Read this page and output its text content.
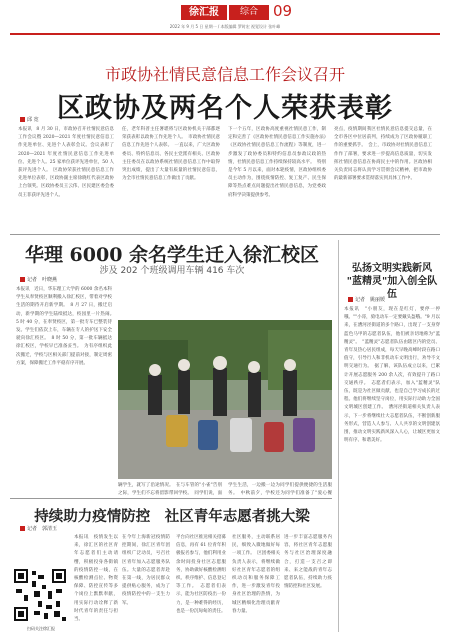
徐汇报	综合	09
2022 年 9 月 5 日 星期一 / 本版编辑 罗时宏 视觉设计 张叶峰
市政协社情民意信息工作会议召开
区政协及两名个人荣获表彰
邱 宽
本报讯　8 月 30 日，市政协召开社情民意信息工作会议暨 2020—2021 年度社情民意信息工作先进单位、先进个人表彰会议。会议表彰了 2020—2021 年度社情民意信息工作先进单位、先进个人。25 家单位获评先进单位，50 人获评先进个人。　区政协荣获社情民意信息工作先进单位表彰，区政协副主席徐晓红代表区政协上台领奖。区政协委员王云伟、区民建区委会委员王菲获评先进个人。
任，老年科普主任署堪将与区政协机关干部都逐荣获表彰以政协工作先进个人。　市政协社情民意信息工作先进个人表彰。　一直以来，广大区政协委员、特约信息员、各民主党派有相关、区政协主任委员在以政协系统社情民意信息工作中取得突出成绩，提出了大量有质量的社情民意信息，为全市社情民意信息工作做出了贡献。
下一个五年，区政协高度重视社情民意工作，制定和完善了《区政协社情民意信息工作实施办法》《区政协社情民意信息工作流程》等制度，进一步激发了政协委员和特约信息员参政议政的热情，社情民意信息工作持续保持较高水平。　特别是今年 5 月以来，面对本轮疫情，区政协组织委员主动作为，围绕疫情防控、复工复产、民生保障等热点难点问题提出社情民意信息，为党委政府科学决策提供参考。
亮点，疫情期间我区社情民意信息提交总量，在全市各区中位居前列，持续成为了区政协履职工作的重要抓手。　会上，市政协对社情民意信息工作作了部署，要求进一步提高信息质量，切实发挥社情民意信息在协商民主中的作用。区政协相关负责同志将认真学习贯彻会议精神，把市政协的最新部署要求贯彻落实到具体工作中。
华理 6000 余名学生迁入徐汇校区
涉及 202 个班级调用车辆 416 车次
记者　叶晓燕
本报讯　近日，华东理工大学的 6000 余名本科学生从奉贤校区顺利搬入徐汇校区，带着对学校生活的期待开启新学期。　8 月 27 日，搬迁启动，新学期的学生陆续抵达，校园里一片热闹。　5 时 40 分，在奉贤校区，第一批专车已整装待发。学生们依次上车，车辆在专人的护送下安全驶向徐汇校区。　8 时 50 分，第一批车辆抵达徐汇校区，学校早已准备妥当。　为有序组织此次搬迁，学校与区相关部门提前对接，制定周密方案，保障搬迁工作平稳有序开展。
辆学生，就写了沿途情况。　在与车管的"小雀"告别之际，学生们不忘将留影带回学校。　同学们说，面　
学生生活，一边搬一边为同学们提供便捷的生活服务。　中秋前夕，学校还为同学们准备了"爱心餐
持续助力疫情防控　社区青年志愿者挑大梁
记者　郭清玉
本报讯　疫情发生以来，徐汇区的社区青年志愿者们主动请缨，积极投身各街镇的疫情防控一线，在核酸检测点位、物资保障、防控宣传等多个岗位上默默奉献，用实际行动诠释了新时代青年的责任与担当。
在今年上海新冠疫情防控期间，徐汇区青年团组织广泛动员，号召社区青年加入志愿服务队伍。大量的志愿者奔赴在第一线，为居民群众提供贴心服务，成为了疫情防控中的一支生力军。
平台向社区推送相关招募信息，再有 61 位青年积极报名参与，他们利用业余时间投身社区志愿服务，协助做好核酸检测组织、秩序维护、信息登记等工作。　志愿者们表示，能为社区防疫出一份力，是一种难得的经历，也是一份沉甸甸的责任。
社区服务，主动联系居民，细致入微地做好每一项工作。　区团委相关负责人表示，将继续做好社区青年志愿者的组织动员和服务保障工作，进一步激发青年投身社区治理的热情，为城区精细化治理贡献青春力量。
进一步丰富志愿服务内容，将社区青年志愿服务与社区治理深度融合，打造一支召之即来、来之能战的青年志愿者队伍，持续助力疫情防控和社区发展。
扫码关注徐汇报
弘扬文明实践新风
"蓝精灵"加入创全队伍
记者　姚丽媛
本报讯　"小朋友，现在是红灯，要停一停哦。""小哥，骑电动车一定要戴头盔哦。"9 月以来，在漕河泾街道的多个路口，出现了一支身穿蓝色马甲的志愿者队伍，他们被亲切地称为"蓝精灵"。　"蓝精灵"志愿者队伍由辖区内的党员、青年及热心居民组成，每天早晚高峰时段在路口值守，引导行人和非机动车文明出行，劝导不文明交通行为。　据了解，该队伍成立以来，已累计开展志愿服务 200 余人次，有效提升了路口交通秩序。　志愿者们表示，加入"蓝精灵"队伍，既是为社区做贡献，也是自己学习成长的过程。他们将继续坚守岗位，用实际行动助力全国文明城区创建工作。　漕河泾街道相关负责人表示，下一步将继续壮大志愿者队伍，不断创新服务形式，营造人人参与、人人共享的文明创建氛围，推动文明实践新风深入人心，让城区更加文明有序、和谐美好。
